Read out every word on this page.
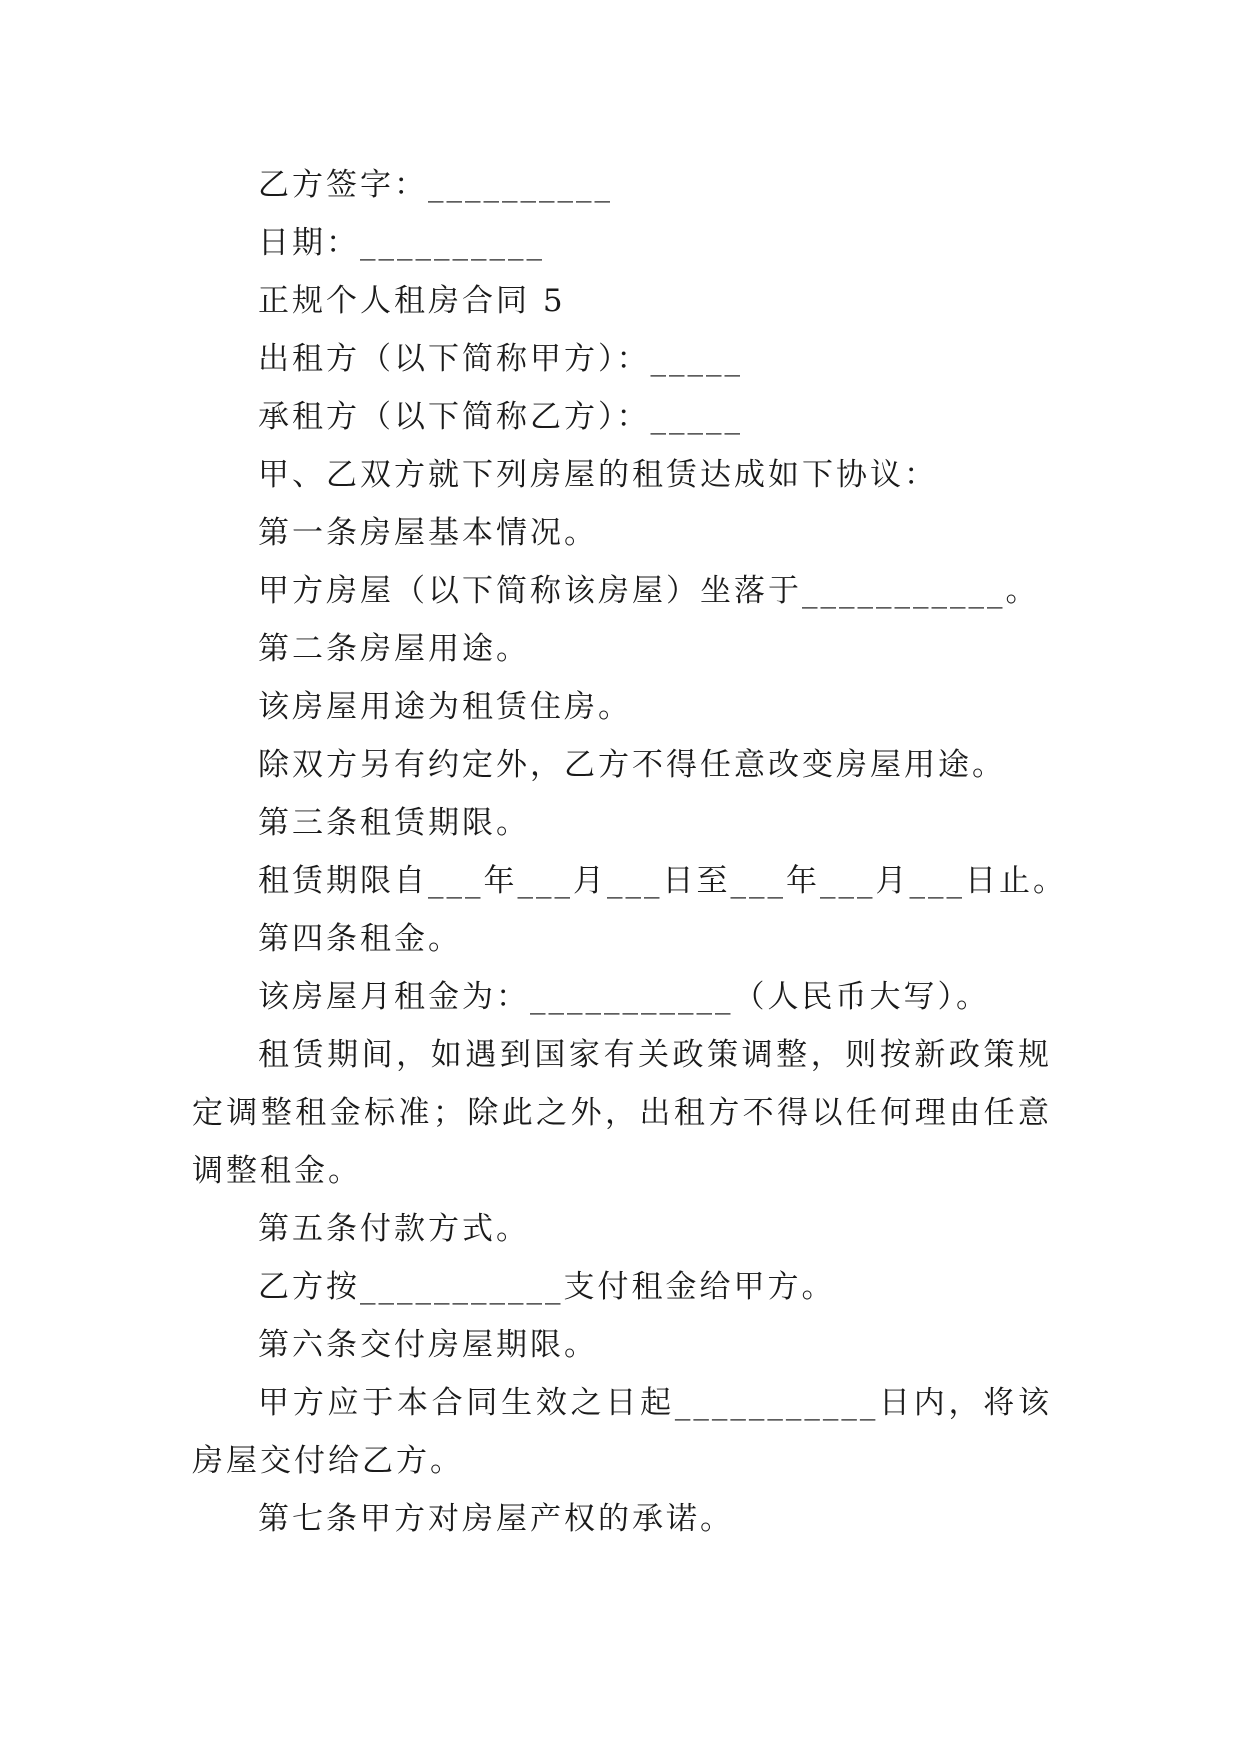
乙方签字：__________
日期：__________
正规个人租房合同 5
出租方（以下简称甲方）：_____
承租方（以下简称乙方）：_____
甲、乙双方就下列房屋的租赁达成如下协议：
第一条房屋基本情况。
甲方房屋（以下简称该房屋）坐落于___________。
第二条房屋用途。
该房屋用途为租赁住房。
除双方另有约定外，乙方不得任意改变房屋用途。
第三条租赁期限。
租赁期限自___年___月___日至___年___月___日止。
第四条租金。
该房屋月租金为：___________（人民币大写）。
租赁期间，如遇到国家有关政策调整，则按新政策规定调整租金标准；除此之外，出租方不得以任何理由任意调整租金。
第五条付款方式。
乙方按___________支付租金给甲方。
第六条交付房屋期限。
甲方应于本合同生效之日起___________日内，将该房屋交付给乙方。
第七条甲方对房屋产权的承诺。
